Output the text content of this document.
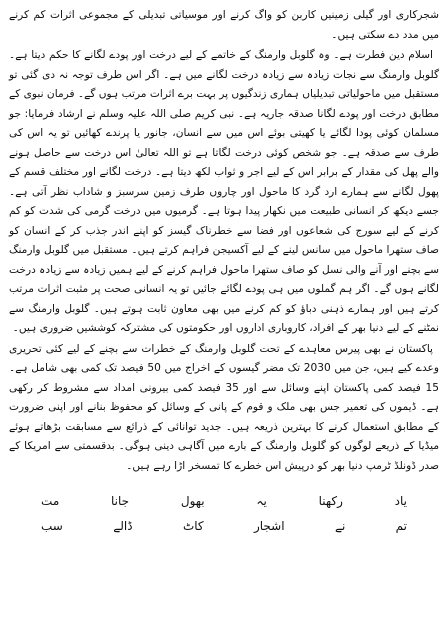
شجرکاری اور گیلی زمینیں کاربن کو واگ کرنے اور موسیاتی تبدیلی کے مجموعی اثرات کم کرنے میں مدد دے سکتی ہیں۔

اسلام دین فطرت ہے۔ وہ گلوبل وارمنگ کے خاتمے کے لیے درخت اور پودے لگانے کا حکم دیتا ہے۔ گلوبل وارمنگ سے نجات زیادہ سے زیادہ درخت لگانے میں ہے۔ اگر اس طرف توجہ نہ دی گئی تو مستقبل میں ماحولیاتی تبدیلیاں ہماری زندگیوں پر بہت برے اثرات مرتب ہوں گے۔ فرمان نبوی کے مطابق درخت اور پودے لگانا صدقہ جاریہ ہے۔ نبی کریم صلی اللہ علیہ وسلم نے ارشاد فرمایا: جو مسلمان کوئی پودا لگائے یا کھیتی بوئے اس میں سے انسان، جانور یا پرندے کھائیں تو یہ اس کی طرف سے صدقہ ہے۔ جو شخص کوئی درخت لگاتا ہے تو اللہ تعالیٰ اس درخت سے حاصل ہونے والے پھل کی مقدار کے برابر اس کے لیے اجر و ثواب لکھ دیتا ہے۔ درخت لگانے اور مختلف قسم کے پھول لگانے سے ہمارے ارد گرد کا ماحول اور چاروں طرف زمین سرسبز و شاداب نظر آتی ہے۔ جسے دیکھ کر انسانی طبیعت میں نکھار پیدا ہوتا ہے۔ گرمیوں میں درخت گرمی کی شدت کو کم کرنے کے لیے سورج کی شعاعوں اور فضا سے خطرناک گیسز کو اپنے اندر جذب کر کے انسان کو صاف ستھرا ماحول میں سانس لینے کے لیے آکسیجن فراہم کرتے ہیں۔ مستقبل میں گلوبل وارمنگ سے بچنے اور آنے والی نسل کو صاف ستھرا ماحول فراہم کرنے کے لیے ہمیں زیادہ سے زیادہ درخت لگانے ہوں گے۔ اگر ہم گملوں میں ہی پودے لگائے جائیں تو یہ انسانی صحت پر مثبت اثرات مرتب کرتے ہیں اور ہمارے ذہنی دباؤ کو کم کرنے میں بھی معاون ثابت ہوتے ہیں۔ گلوبل وارمنگ سے نمٹنے کے لیے دنیا بھر کے افراد، کاروباری اداروں اور حکومتوں کی مشترکہ کوششیں ضروری ہیں۔

پاکستان نے بھی پیرس معاہدے کے تحت گلوبل وارمنگ کے خطرات سے بچنے کے لیے کئی تحریری وعدے کیے ہیں، جن میں 2030 تک مضر گیسوں کے اخراج میں 50 فیصد تک کمی بھی شامل ہے۔ 15 فیصد کمی پاکستان اپنے وسائل سے اور 35 فیصد کمی بیرونی امداد سے مشروط کر رکھی ہے۔ ڈیموں کی تعمیر جس بھی ملک و قوم کے پانی کے وسائل کو محفوظ بنانے اور اپنی ضرورت کے مطابق استعمال کرنے کا بہترین ذریعہ ہیں۔ جدید توانائی کے ذرائع سے مسابقت بڑھاتے ہوئے میڈیا کے ذریعے لوگوں کو گلوبل وارمنگ کے بارے میں آگاہی دینی ہوگی۔ بدقسمتی سے امریکا کے صدر ڈونلڈ ٹرمپ دنیا بھر کو درپیش اس خطرے کا تمسخر اڑا رہے ہیں۔

یاد
رکھنا
یہ
بھول
جانا
مت
تم
نے
اشجار
کاٹ
ڈالے
سب
